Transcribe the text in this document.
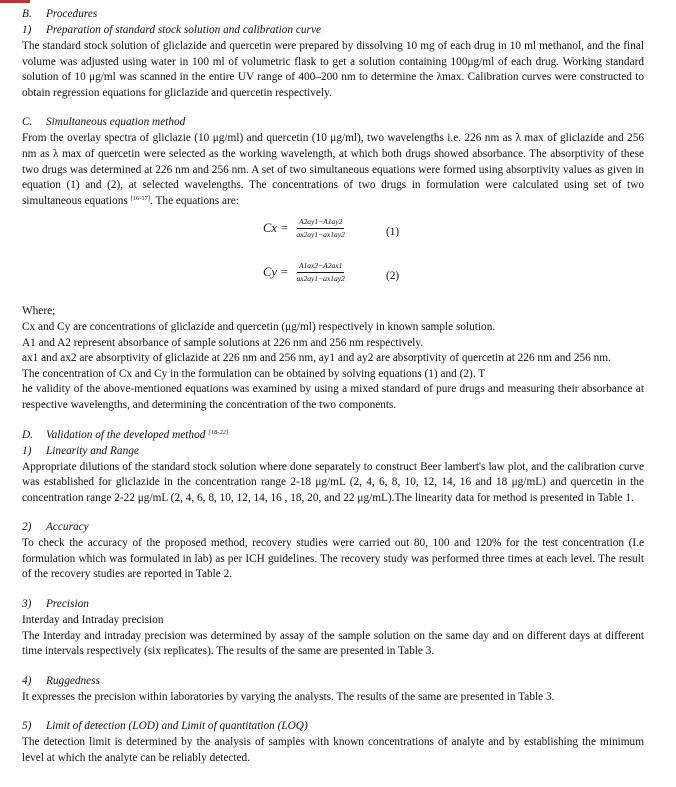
B.	Procedures
1)	Preparation of standard stock solution and calibration curve

The standard stock solution of gliclazide and quercetin were prepared by dissolving 10 mg of each drug in 10 ml methanol, and the final volume was adjusted using water in 100 ml of volumetric flask to get a solution containing 100μg/ml of each drug. Working standard solution of 10 μg/ml was scanned in the entire UV range of 400–200 nm to determine the λmax. Calibration curves were constructed to obtain regression equations for gliclazide and quercetin respectively.

C.	Simultaneous equation method

From the overlay spectra of gliclazie (10 μg/ml) and quercetin (10 μg/ml), two wavelengths i.e. 226 nm as λ max of gliclazide and 256 nm as λ max of quercetin were selected as the working wavelength, at which both drugs showed absorbance. The absorptivity of these two drugs was determined at 226 nm and 256 nm. A set of two simultaneous equations were formed using absorptivity values as given in equation (1) and (2), at selected wavelengths. The concentrations of two drugs in formulation were calculated using set of two simultaneous equations [16-17]. The equations are:

$Cx = \frac{A2ay1-A1ay2}{ax2ay1-ax1ay2}$	(1)
$Cy = \frac{A1ax2-A2ax1}{ax2ay1-ax1ay2}$	(2)

Where;

Cx and Cy are concentrations of gliclazide and quercetin (μg/ml) respectively in known sample solution.

A1 and A2 represent absorbance of sample solutions at 226 nm and 256 nm respectively.

ax1 and ax2 are absorptivity of gliclazide at 226 nm and 256 nm, ay1 and ay2 are absorptivity of quercetin at 226 nm and 256 nm.

The concentration of Cx and Cy in the formulation can be obtained by solving equations (1) and (2). T

he validity of the above-mentioned equations was examined by using a mixed standard of pure drugs and measuring their absorbance at respective wavelengths, and determining the concentration of the two components.

D.	Validation of the developed method [18-22]
1)	Linearity and Range

Appropriate dilutions of the standard stock solution where done separately to construct Beer lambert's law plot, and the calibration curve was established for gliclazide in the concentration range 2-18 μg/mL (2, 4, 6, 8, 10, 12, 14, 16 and 18 μg/mL) and quercetin in the concentration range 2-22 μg/mL (2, 4, 6, 8, 10, 12, 14, 16 , 18, 20, and 22 μg/mL).The linearity data for method is presented in Table 1.

2)	Accuracy

To check the accuracy of the proposed method, recovery studies were carried out 80, 100 and 120% for the test concentration (I.e formulation which was formulated in lab) as per ICH guidelines. The recovery study was performed three times at each level. The result of the recovery studies are reported in Table 2.

3)	Precision

Interday and Intraday precision

The Interday and intraday precision was determined by assay of the sample solution on the same day and on different days at different time intervals respectively (six replicates). The results of the same are presented in Table 3.

4)	Ruggedness

It expresses the precision within laboratories by varying the analysts. The results of the same are presented in Table 3.

5)	Limit of detection (LOD) and Limit of quantitation (LOQ)

The detection limit is determined by the analysis of samples with known concentrations of analyte and by establishing the minimum level at which the analyte can be reliably detected.
